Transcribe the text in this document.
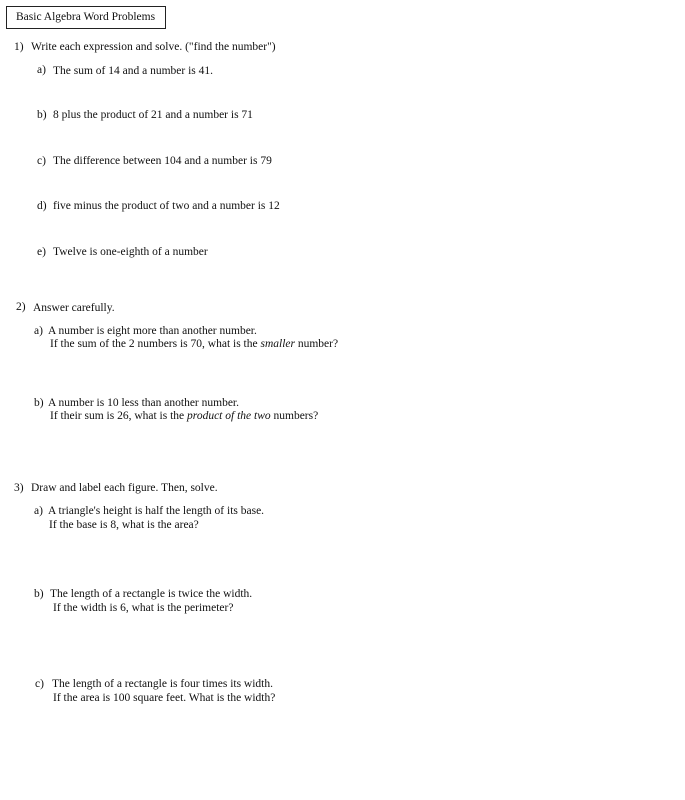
Basic Algebra Word Problems
1) Write each expression and solve. ("find the number")
a) The sum of 14 and a number is 41.
b) 8 plus the product of 21 and a number is 71
c) The difference between 104 and a number is 79
d) five minus the product of two and a number is 12
e) Twelve is one-eighth of a number
2) Answer carefully.
a) A number is eight more than another number.
If the sum of the 2 numbers is 70, what is the smaller number?
b) A number is 10 less than another number.
If their sum is 26, what is the product of the two numbers?
3) Draw and label each figure. Then, solve.
a) A triangle's height is half the length of its base.
If the base is 8, what is the area?
b) The length of a rectangle is twice the width.
If the width is 6, what is the perimeter?
c) The length of a rectangle is four times its width.
If the area is 100 square feet. What is the width?
